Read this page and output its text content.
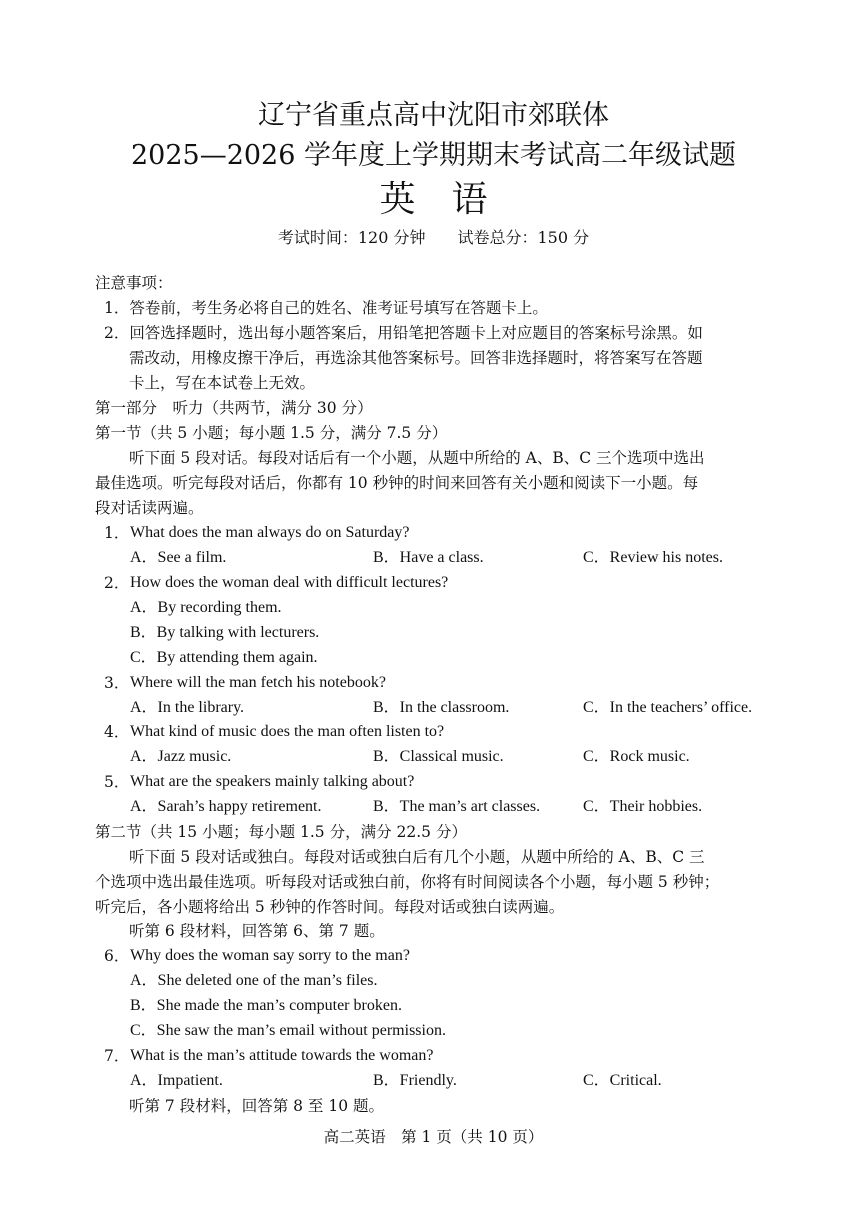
辽宁省重点高中沈阳市郊联体
2025—2026 学年度上学期期末考试高二年级试题
英　语
考试时间：120 分钟　　试卷总分：150 分
注意事项：
1．答卷前，考生务必将自己的姓名、准考证号填写在答题卡上。
2．回答选择题时，选出每小题答案后，用铅笔把答题卡上对应题目的答案标号涂黑。如
需改动，用橡皮擦干净后，再选涂其他答案标号。回答非选择题时，将答案写在答题
卡上，写在本试卷上无效。
第一部分　听力（共两节，满分 30 分）
第一节（共 5 小题；每小题 1.5 分，满分 7.5 分）
听下面 5 段对话。每段对话后有一个小题，从题中所给的 A、B、C 三个选项中选出
最佳选项。听完每段对话后，你都有 10 秒钟的时间来回答有关小题和阅读下一小题。每
段对话读两遍。
1． What does the man always do on Saturday?
A．See a film.	B．Have a class.	C．Review his notes.
2． How does the woman deal with difficult lectures?
A．By recording them.
B．By talking with lecturers.
C．By attending them again.
3． Where will the man fetch his notebook?
A．In the library.	B．In the classroom.	C．In the teachers’ office.
4． What kind of music does the man often listen to?
A．Jazz music.	B．Classical music.	C．Rock music.
5． What are the speakers mainly talking about?
A．Sarah’s happy retirement.	B．The man’s art classes.	C．Their hobbies.
第二节（共 15 小题；每小题 1.5 分，满分 22.5 分）
听下面 5 段对话或独白。每段对话或独白后有几个小题，从题中所给的 A、B、C 三
个选项中选出最佳选项。听每段对话或独白前，你将有时间阅读各个小题，每小题 5 秒钟；
听完后，各小题将给出 5 秒钟的作答时间。每段对话或独白读两遍。
听第 6 段材料，回答第 6、第 7 题。
6． Why does the woman say sorry to the man?
A．She deleted one of the man’s files.
B．She made the man’s computer broken.
C．She saw the man’s email without permission.
7． What is the man’s attitude towards the woman?
A．Impatient.	B．Friendly.	C．Critical.
听第 7 段材料，回答第 8 至 10 题。
高二英语　第 1 页（共 10 页）
